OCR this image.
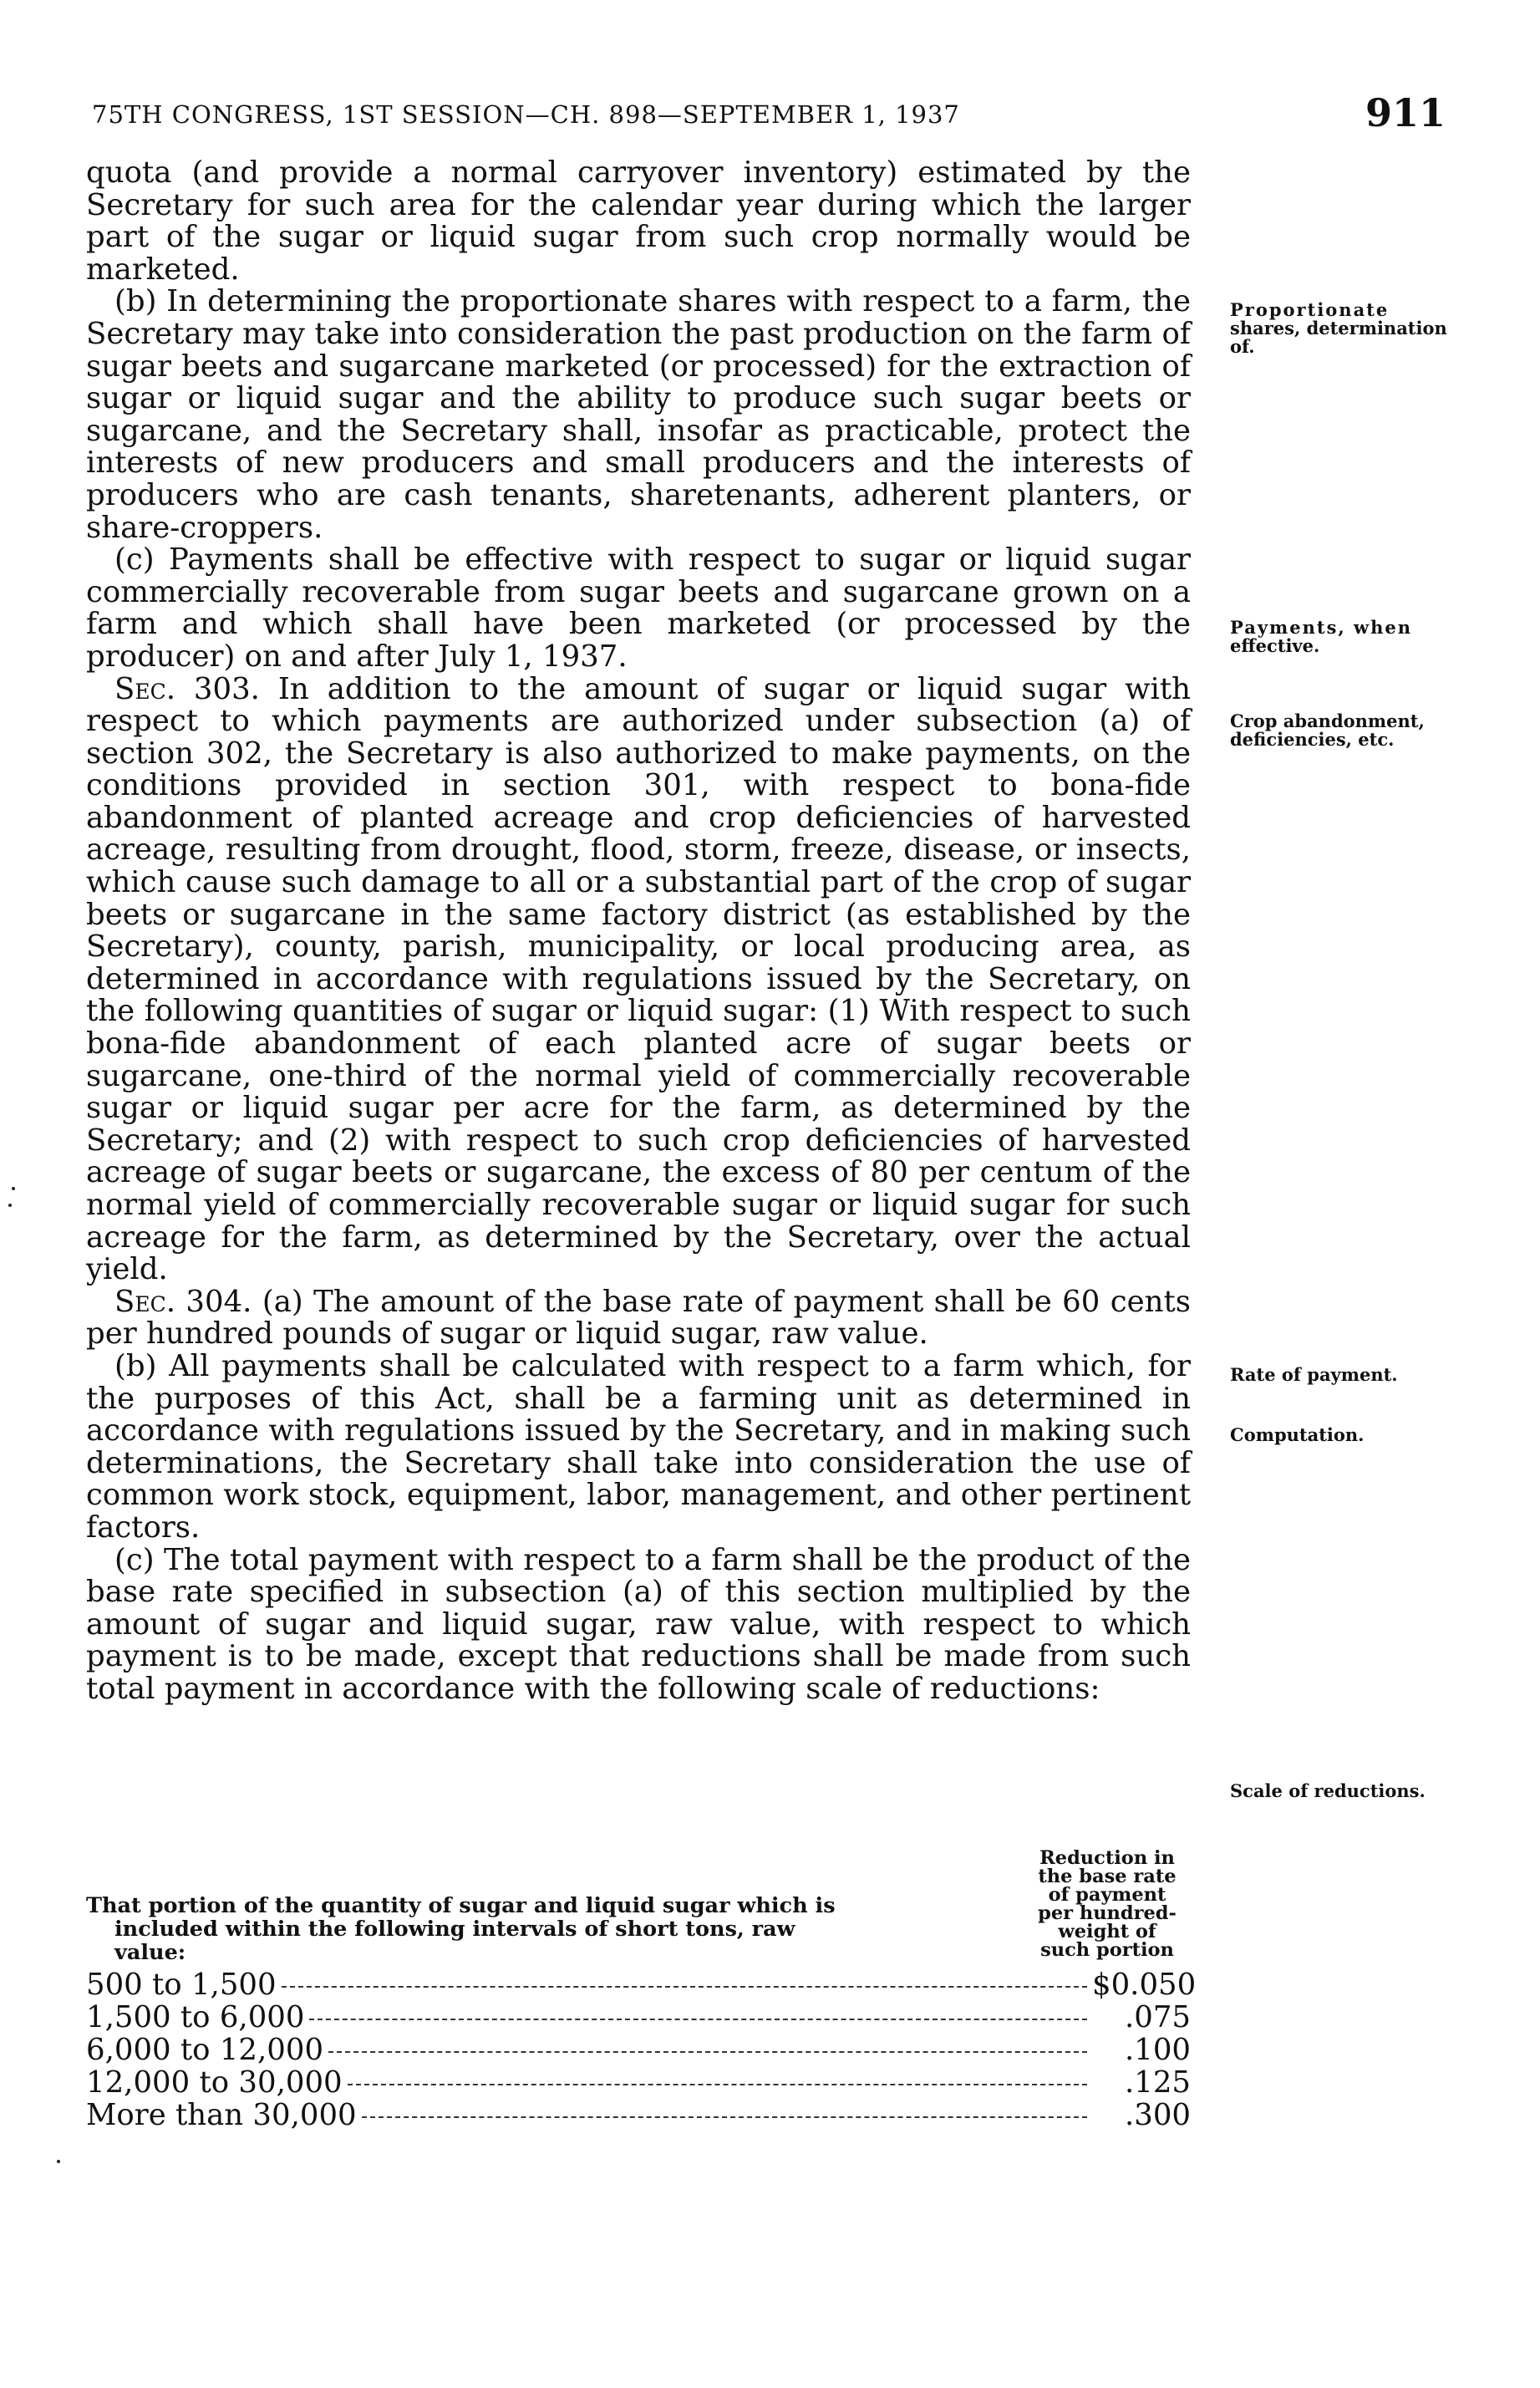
75TH CONGRESS, 1ST SESSION—CH. 898—SEPTEMBER 1, 1937	911

quota (and provide a normal carryover inventory) estimated by the Secretary for such area for the calendar year during which the larger part of the sugar or liquid sugar from such crop normally would be marketed.

(b) In determining the proportionate shares with respect to a farm, the Secretary may take into consideration the past production on the farm of sugar beets and sugarcane marketed (or processed) for the extraction of sugar or liquid sugar and the ability to produce such sugar beets or sugarcane, and the Secretary shall, insofar as practicable, protect the interests of new producers and small producers and the interests of producers who are cash tenants, sharetenants, adherent planters, or share-croppers.

(c) Payments shall be effective with respect to sugar or liquid sugar commercially recoverable from sugar beets and sugarcane grown on a farm and which shall have been marketed (or processed by the producer) on and after July 1, 1937.

Sec. 303. In addition to the amount of sugar or liquid sugar with respect to which payments are authorized under subsection (a) of section 302, the Secretary is also authorized to make payments, on the conditions provided in section 301, with respect to bona-fide abandonment of planted acreage and crop deficiencies of harvested acreage, resulting from drought, flood, storm, freeze, disease, or insects, which cause such damage to all or a substantial part of the crop of sugar beets or sugarcane in the same factory district (as established by the Secretary), county, parish, municipality, or local producing area, as determined in accordance with regulations issued by the Secretary, on the following quantities of sugar or liquid sugar: (1) With respect to such bona-fide abandonment of each planted acre of sugar beets or sugarcane, one-third of the normal yield of commercially recoverable sugar or liquid sugar per acre for the farm, as determined by the Secretary; and (2) with respect to such crop deficiencies of harvested acreage of sugar beets or sugarcane, the excess of 80 per centum of the normal yield of commercially recoverable sugar or liquid sugar for such acreage for the farm, as determined by the Secretary, over the actual yield.

Sec. 304. (a) The amount of the base rate of payment shall be 60 cents per hundred pounds of sugar or liquid sugar, raw value.

(b) All payments shall be calculated with respect to a farm which, for the purposes of this Act, shall be a farming unit as determined in accordance with regulations issued by the Secretary, and in making such determinations, the Secretary shall take into consideration the use of common work stock, equipment, labor, management, and other pertinent factors.

(c) The total payment with respect to a farm shall be the product of the base rate specified in subsection (a) of this section multiplied by the amount of sugar and liquid sugar, raw value, with respect to which payment is to be made, except that reductions shall be made from such total payment in accordance with the following scale of reductions:

Proportionate
shares, determination
of.
Payments, when
effective.
Crop abandonment,
deficiencies, etc.
Rate of payment.
Computation.
Scale of reductions.
That portion of the quantity of sugar and liquid sugar which is
included within the following intervals of short tons, raw
value:
Reduction in
the base rate
of payment
per hundred-
weight of
such portion
500 to 1,500	$0.050
1,500 to 6,000	.075
6,000 to 12,000	.100
12,000 to 30,000	.125
More than 30,000	.300
